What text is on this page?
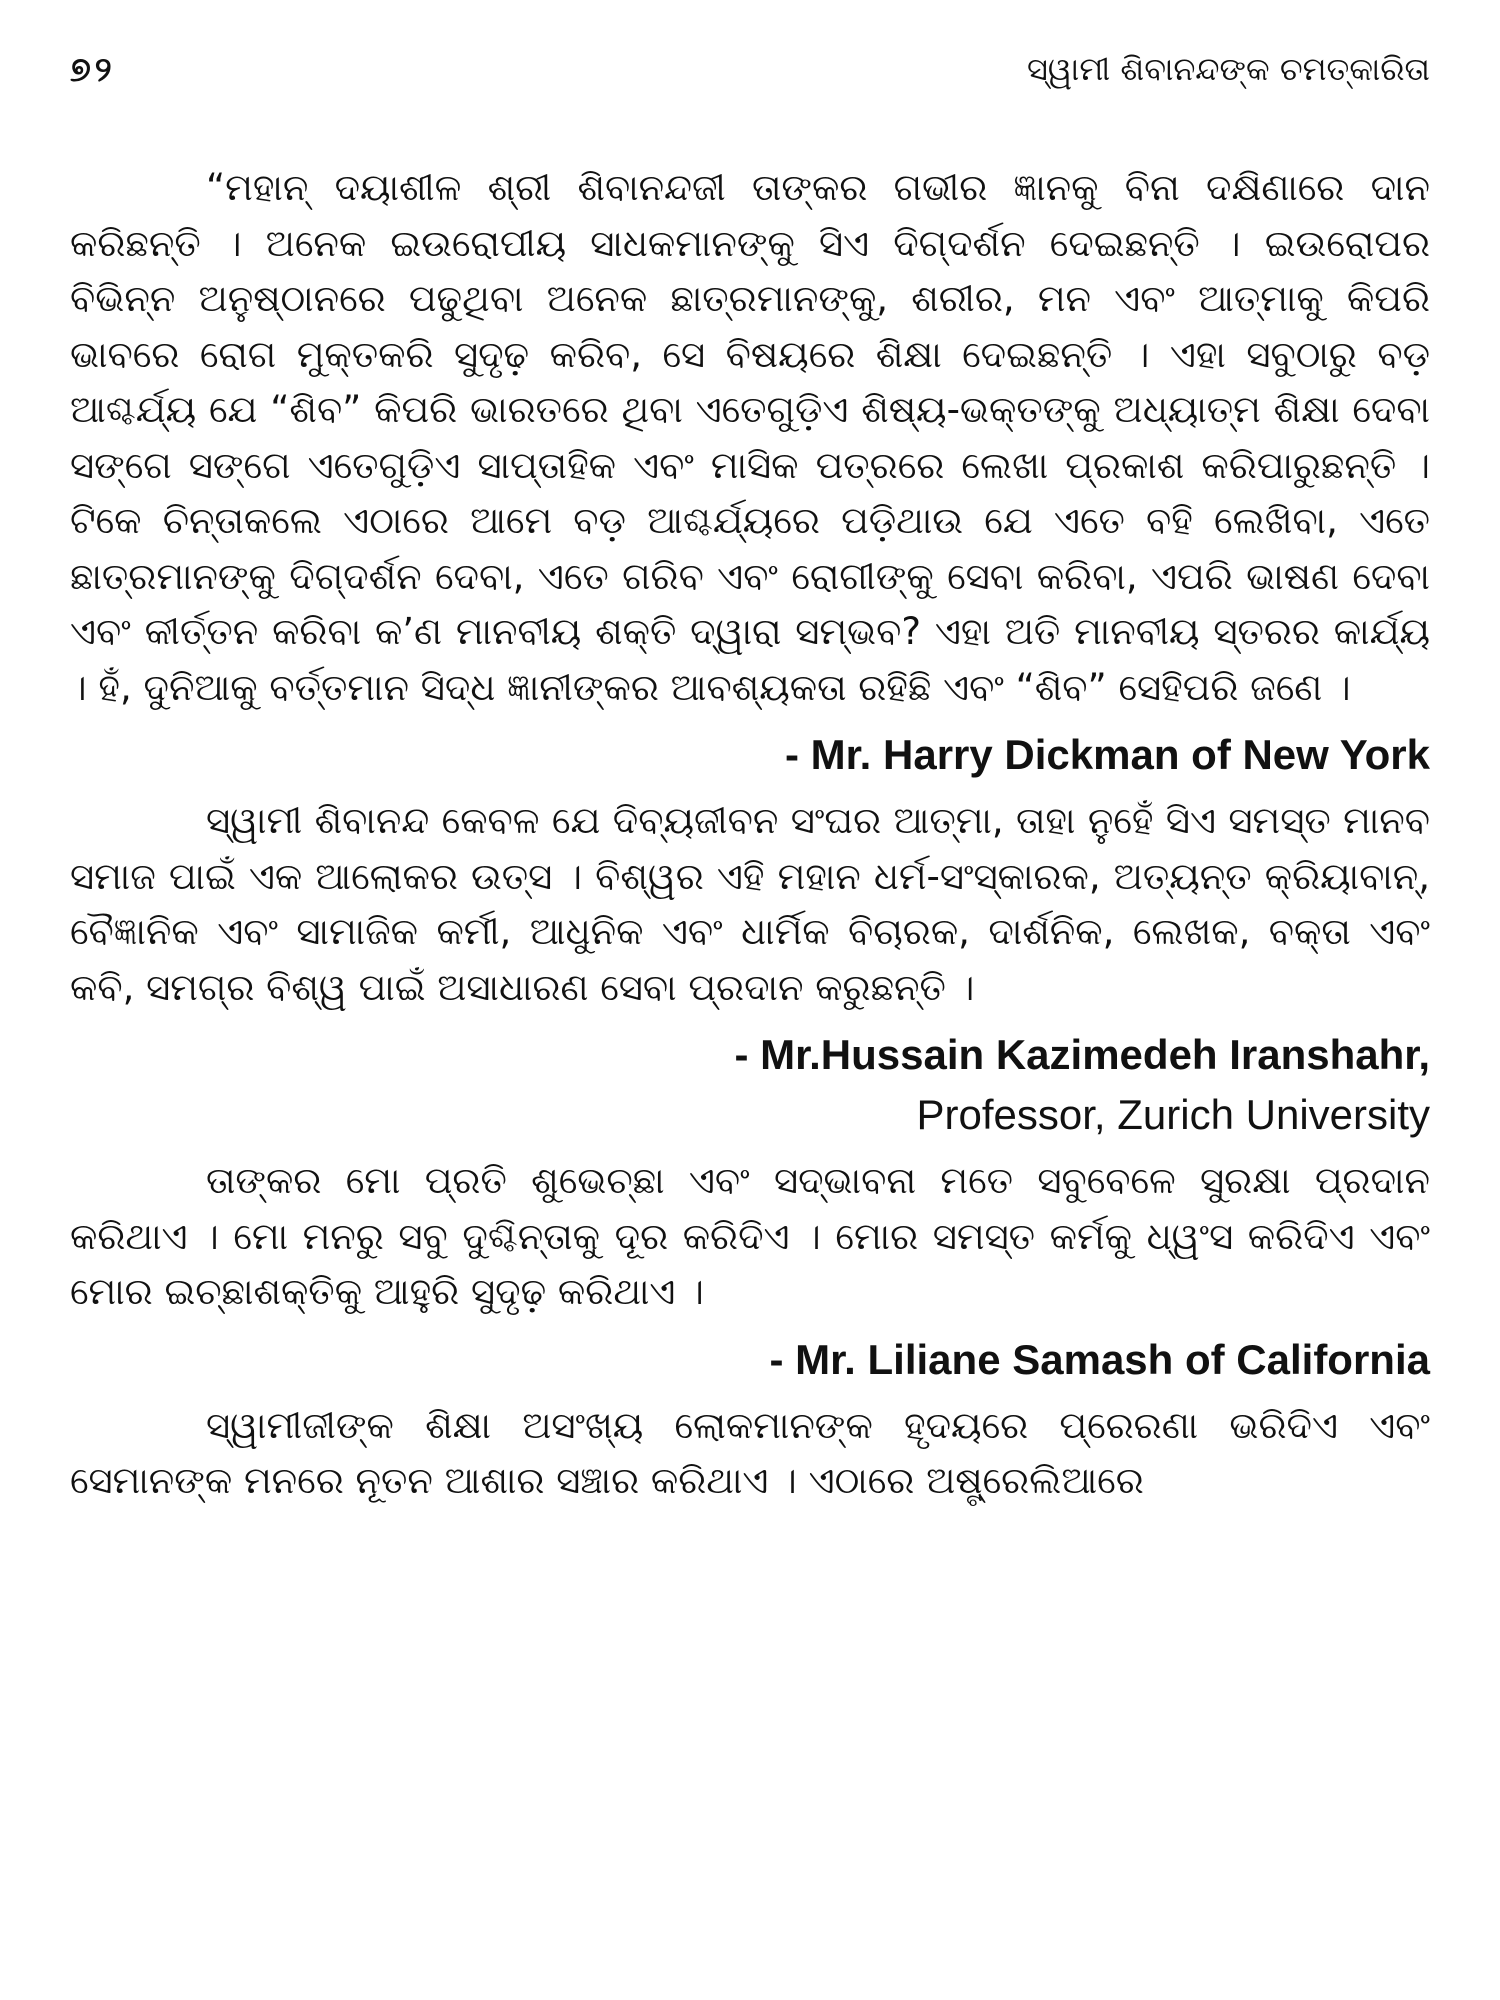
୭୨	ସ୍ୱାମୀ ଶିବାନନ୍ଦଙ୍କ ଚମତ୍କାରିତା

“ମହାନ୍ ଦୟାଶୀଳ ଶ୍ରୀ ଶିବାନନ୍ଦଜୀ ତାଙ୍କର ଗଭୀର ଜ୍ଞାନକୁ ବିନା ଦକ୍ଷିଣାରେ ଦାନ କରିଛନ୍ତି । ଅନେକ ଇଉରୋପୀୟ ସାଧକମାନଙ୍କୁ ସିଏ ଦିଗ୍‌ଦର୍ଶନ ଦେଇଛନ୍ତି । ଇଉରୋପର ବିଭିନ୍ନ ଅନୁଷ୍ଠାନରେ ପଢୁଥିବା ଅନେକ ଛାତ୍ରମାନଙ୍କୁ, ଶରୀର, ମନ ଏବଂ ଆତ୍ମାକୁ କିପରି ଭାବରେ ରୋଗ ମୁକ୍ତକରି ସୁଦୃଢ଼ କରିବ, ସେ ବିଷୟରେ ଶିକ୍ଷା ଦେଇଛନ୍ତି । ଏହା ସବୁଠାରୁ ବଡ଼ ଆଶ୍ଚର୍ଯ୍ୟ ଯେ “ଶିବ” କିପରି ଭାରତରେ ଥିବା ଏତେଗୁଡ଼ିଏ ଶିଷ୍ୟ-ଭକ୍ତଙ୍କୁ ଅଧ୍ୟାତ୍ମ ଶିକ୍ଷା ଦେବା ସଙ୍ଗେ ସଙ୍ଗେ ଏତେଗୁଡ଼ିଏ ସାପ୍ତାହିକ ଏବଂ ମାସିକ ପତ୍ରରେ ଲେଖା ପ୍ରକାଶ କରିପାରୁଛନ୍ତି । ଟିକେ ଚିନ୍ତାକଲେ ଏଠାରେ ଆମେ ବଡ଼ ଆଶ୍ଚର୍ଯ୍ୟରେ ପଡ଼ିଥାଉ ଯେ ଏତେ ବହି ଲେଖିବା, ଏତେ ଛାତ୍ରମାନଙ୍କୁ ଦିଗ୍‌ଦର୍ଶନ ଦେବା, ଏତେ ଗରିବ ଏବଂ ରୋଗୀଙ୍କୁ ସେବା କରିବା, ଏପରି ଭାଷଣ ଦେବା ଏବଂ କୀର୍ତ୍ତନ କରିବା କ’ଣ ମାନବୀୟ ଶକ୍ତି ଦ୍ୱାରା ସମ୍ଭବ? ଏହା ଅତି ମାନବୀୟ ସ୍ତରର କାର୍ଯ୍ୟ । ହଁ, ଦୁନିଆକୁ ବର୍ତ୍ତମାନ ସିଦ୍ଧ ଜ୍ଞାନୀଙ୍କର ଆବଶ୍ୟକତା ରହିଛି ଏବଂ “ଶିବ” ସେହିପରି ଜଣେ ।

- Mr. Harry Dickman of New York

ସ୍ୱାମୀ ଶିବାନନ୍ଦ କେବଳ ଯେ ଦିବ୍ୟଜୀବନ ସଂଘର ଆତ୍ମା, ତାହା ନୁହେଁ ସିଏ ସମସ୍ତ ମାନବ ସମାଜ ପାଇଁ ଏକ ଆଲୋକର ଉତ୍ସ । ବିଶ୍ୱର ଏହି ମହାନ ଧର୍ମ-ସଂସ୍କାରକ, ଅତ୍ୟନ୍ତ କ୍ରିୟାବାନ୍, ବୈଜ୍ଞାନିକ ଏବଂ ସାମାଜିକ କର୍ମୀ, ଆଧୁନିକ ଏବଂ ଧାର୍ମିକ ବିଚାରକ, ଦାର୍ଶନିକ, ଲେଖକ, ବକ୍ତା ଏବଂ କବି, ସମଗ୍ର ବିଶ୍ୱ ପାଇଁ ଅସାଧାରଣ ସେବା ପ୍ରଦାନ କରୁଛନ୍ତି ।

- Mr.Hussain Kazimedeh Iranshahr,
Professor, Zurich University

ତାଙ୍କର ମୋ ପ୍ରତି ଶୁଭେଚ୍ଛା ଏବଂ ସଦ୍‌ଭାବନା ମତେ ସବୁବେଳେ ସୁରକ୍ଷା ପ୍ରଦାନ କରିଥାଏ । ମୋ ମନରୁ ସବୁ ଦୁଶ୍ଚିନ୍ତାକୁ ଦୂର କରିଦିଏ । ମୋର ସମସ୍ତ କର୍ମକୁ ଧ୍ୱଂସ କରିଦିଏ ଏବଂ ମୋର ଇଚ୍ଛାଶକ୍ତିକୁ ଆହୁରି ସୁଦୃଢ଼ କରିଥାଏ ।

- Mr. Liliane Samash of California

ସ୍ୱାମୀଜୀଙ୍କ ଶିକ୍ଷା ଅସଂଖ୍ୟ ଲୋକମାନଙ୍କ ହୃଦୟରେ ପ୍ରେରଣା ଭରିଦିଏ ଏବଂ ସେମାନଙ୍କ ମନରେ ନୂତନ ଆଶାର ସଞ୍ଚାର କରିଥାଏ । ଏଠାରେ ଅଷ୍ଟ୍ରେଲିଆରେ
